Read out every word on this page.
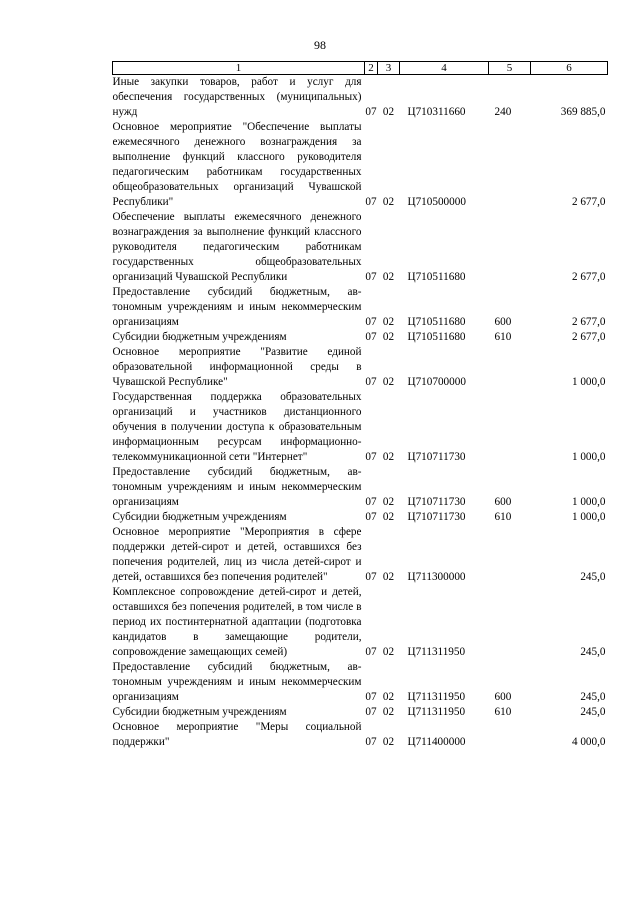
98
1	2	3	4	5	6
Иные закупки товаров, работ и услуг для обеспечения государственных (муниципальных) нужд	07	02	Ц710311660	240	369 885,0
Основное мероприятие "Обеспечение выплаты ежемесячного денежного вознаграждения за выполнение функций классного руководителя педагогическим работникам государственных общеобразовательных организаций Чувашской Республики"	07	02	Ц710500000		2 677,0
Обеспечение выплаты ежемесячного денежного вознаграждения за выполнение функций классного руководителя педагогическим работникам государственных общеобразовательных организаций Чувашской Республики	07	02	Ц710511680		2 677,0
Предоставление субсидий бюджетным, автономным учреждениям и иным некоммерческим организациям	07	02	Ц710511680	600	2 677,0
Субсидии бюджетным учреждениям	07	02	Ц710511680	610	2 677,0
Основное мероприятие "Развитие единой образовательной информационной среды в Чувашской Республике"	07	02	Ц710700000		1 000,0
Государственная поддержка образовательных организаций и участников дистанционного обучения в получении доступа к образовательным информационным ресурсам информационно-телекоммуникационной сети "Интернет"	07	02	Ц710711730		1 000,0
Предоставление субсидий бюджетным, автономным учреждениям и иным некоммерческим организациям	07	02	Ц710711730	600	1 000,0
Субсидии бюджетным учреждениям	07	02	Ц710711730	610	1 000,0
Основное мероприятие "Мероприятия в сфере поддержки детей-сирот и детей, оставшихся без попечения родителей, лиц из числа детей-сирот и детей, оставшихся без попечения родителей"	07	02	Ц711300000		245,0
Комплексное сопровождение детей-сирот и детей, оставшихся без попечения родителей, в том числе в период их постинтернатной адаптации (подготовка кандидатов в замещающие родители, сопровождение замещающих семей)	07	02	Ц711311950		245,0
Предоставление субсидий бюджетным, автономным учреждениям и иным некоммерческим организациям	07	02	Ц711311950	600	245,0
Субсидии бюджетным учреждениям	07	02	Ц711311950	610	245,0
Основное мероприятие "Меры социальной поддержки"	07	02	Ц711400000		4 000,0
